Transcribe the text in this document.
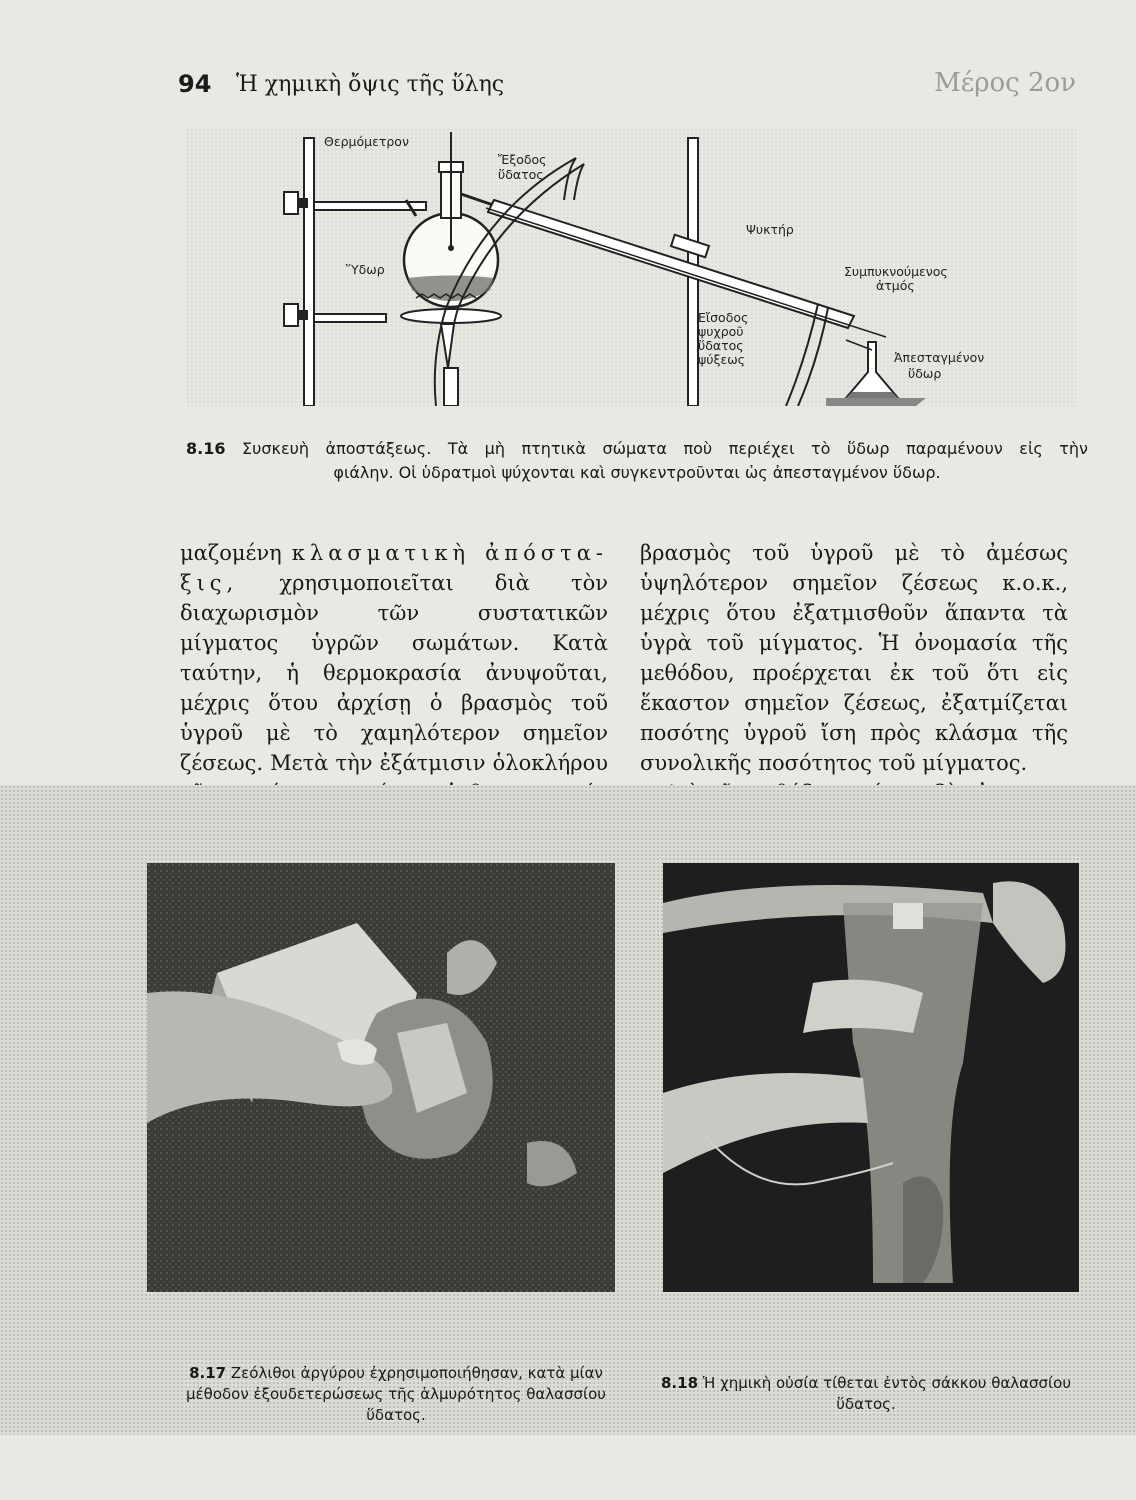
94 Ἡ χημικὴ ὄψις τῆς ὕλης	Μέρος 2ον
Θερμόμετρον
Ἔξοδος
ὕδατος
Ὕδωρ
Ψυκτήρ
Συμπυκνούμενος
ἀτμός
Εἴσοδος
ψυχροῦ
ὕδατος
ψύξεως	Ἀπεσταγμένον
ὕδωρ
8.16 Συσκευὴ ἀποστάξεως. Τὰ μὴ πτητικὰ σώματα ποὺ περιέχει τὸ ὕδωρ παραμένουν εἰς τὴν
φιάλην. Οἱ ὑδρατμοὶ ψύχονται καὶ συγκεντροῦνται ὡς ἀπεσταγμένον ὕδωρ.

μαζομένη κλασματικὴ ἀπόστα-ξις, χρησιμοποιεῖται διὰ τὸν διαχωρισμὸν τῶν συστατικῶν μίγματος ὑγρῶν σωμάτων. Κατὰ ταύτην, ἡ θερμοκρασία ἀνυψοῦται, μέχρις ὅτου ἀρχίσῃ ὁ βρασμὸς τοῦ ὑγροῦ μὲ τὸ χαμηλότερον σημεῖον ζέσεως. Μετὰ τὴν ἐξάτμισιν ὁλοκλήρου

βρασμὸς τοῦ ὑγροῦ μὲ τὸ ἀμέσως ὑψηλότερον σημεῖον ζέσεως κ.ο.κ., μέχρις ὅτου ἐξατμισθοῦν ἅπαντα τὰ ὑγρὰ τοῦ μίγματος. Ἡ ὀνομασία τῆς μεθόδου, προέρχεται ἐκ τοῦ ὅτι εἰς ἕκαστον σημεῖον ζέσεως, ἐξατμίζεται ποσότης ὑγροῦ ἴση πρὸς κλάσμα τῆς συνολικῆς ποσότητος τοῦ μίγματος.

8.17 Ζεόλιθοι ἀργύρου ἐχρησιμοποιήθησαν, κατὰ μίαν μέθοδον ἐξουδετερώσεως τῆς ἁλμυρότητος θαλασσίου ὕδατος.
8.18 Ἡ χημικὴ οὐσία τίθεται ἐντὸς σάκκου θαλασσίου ὕδατος.
